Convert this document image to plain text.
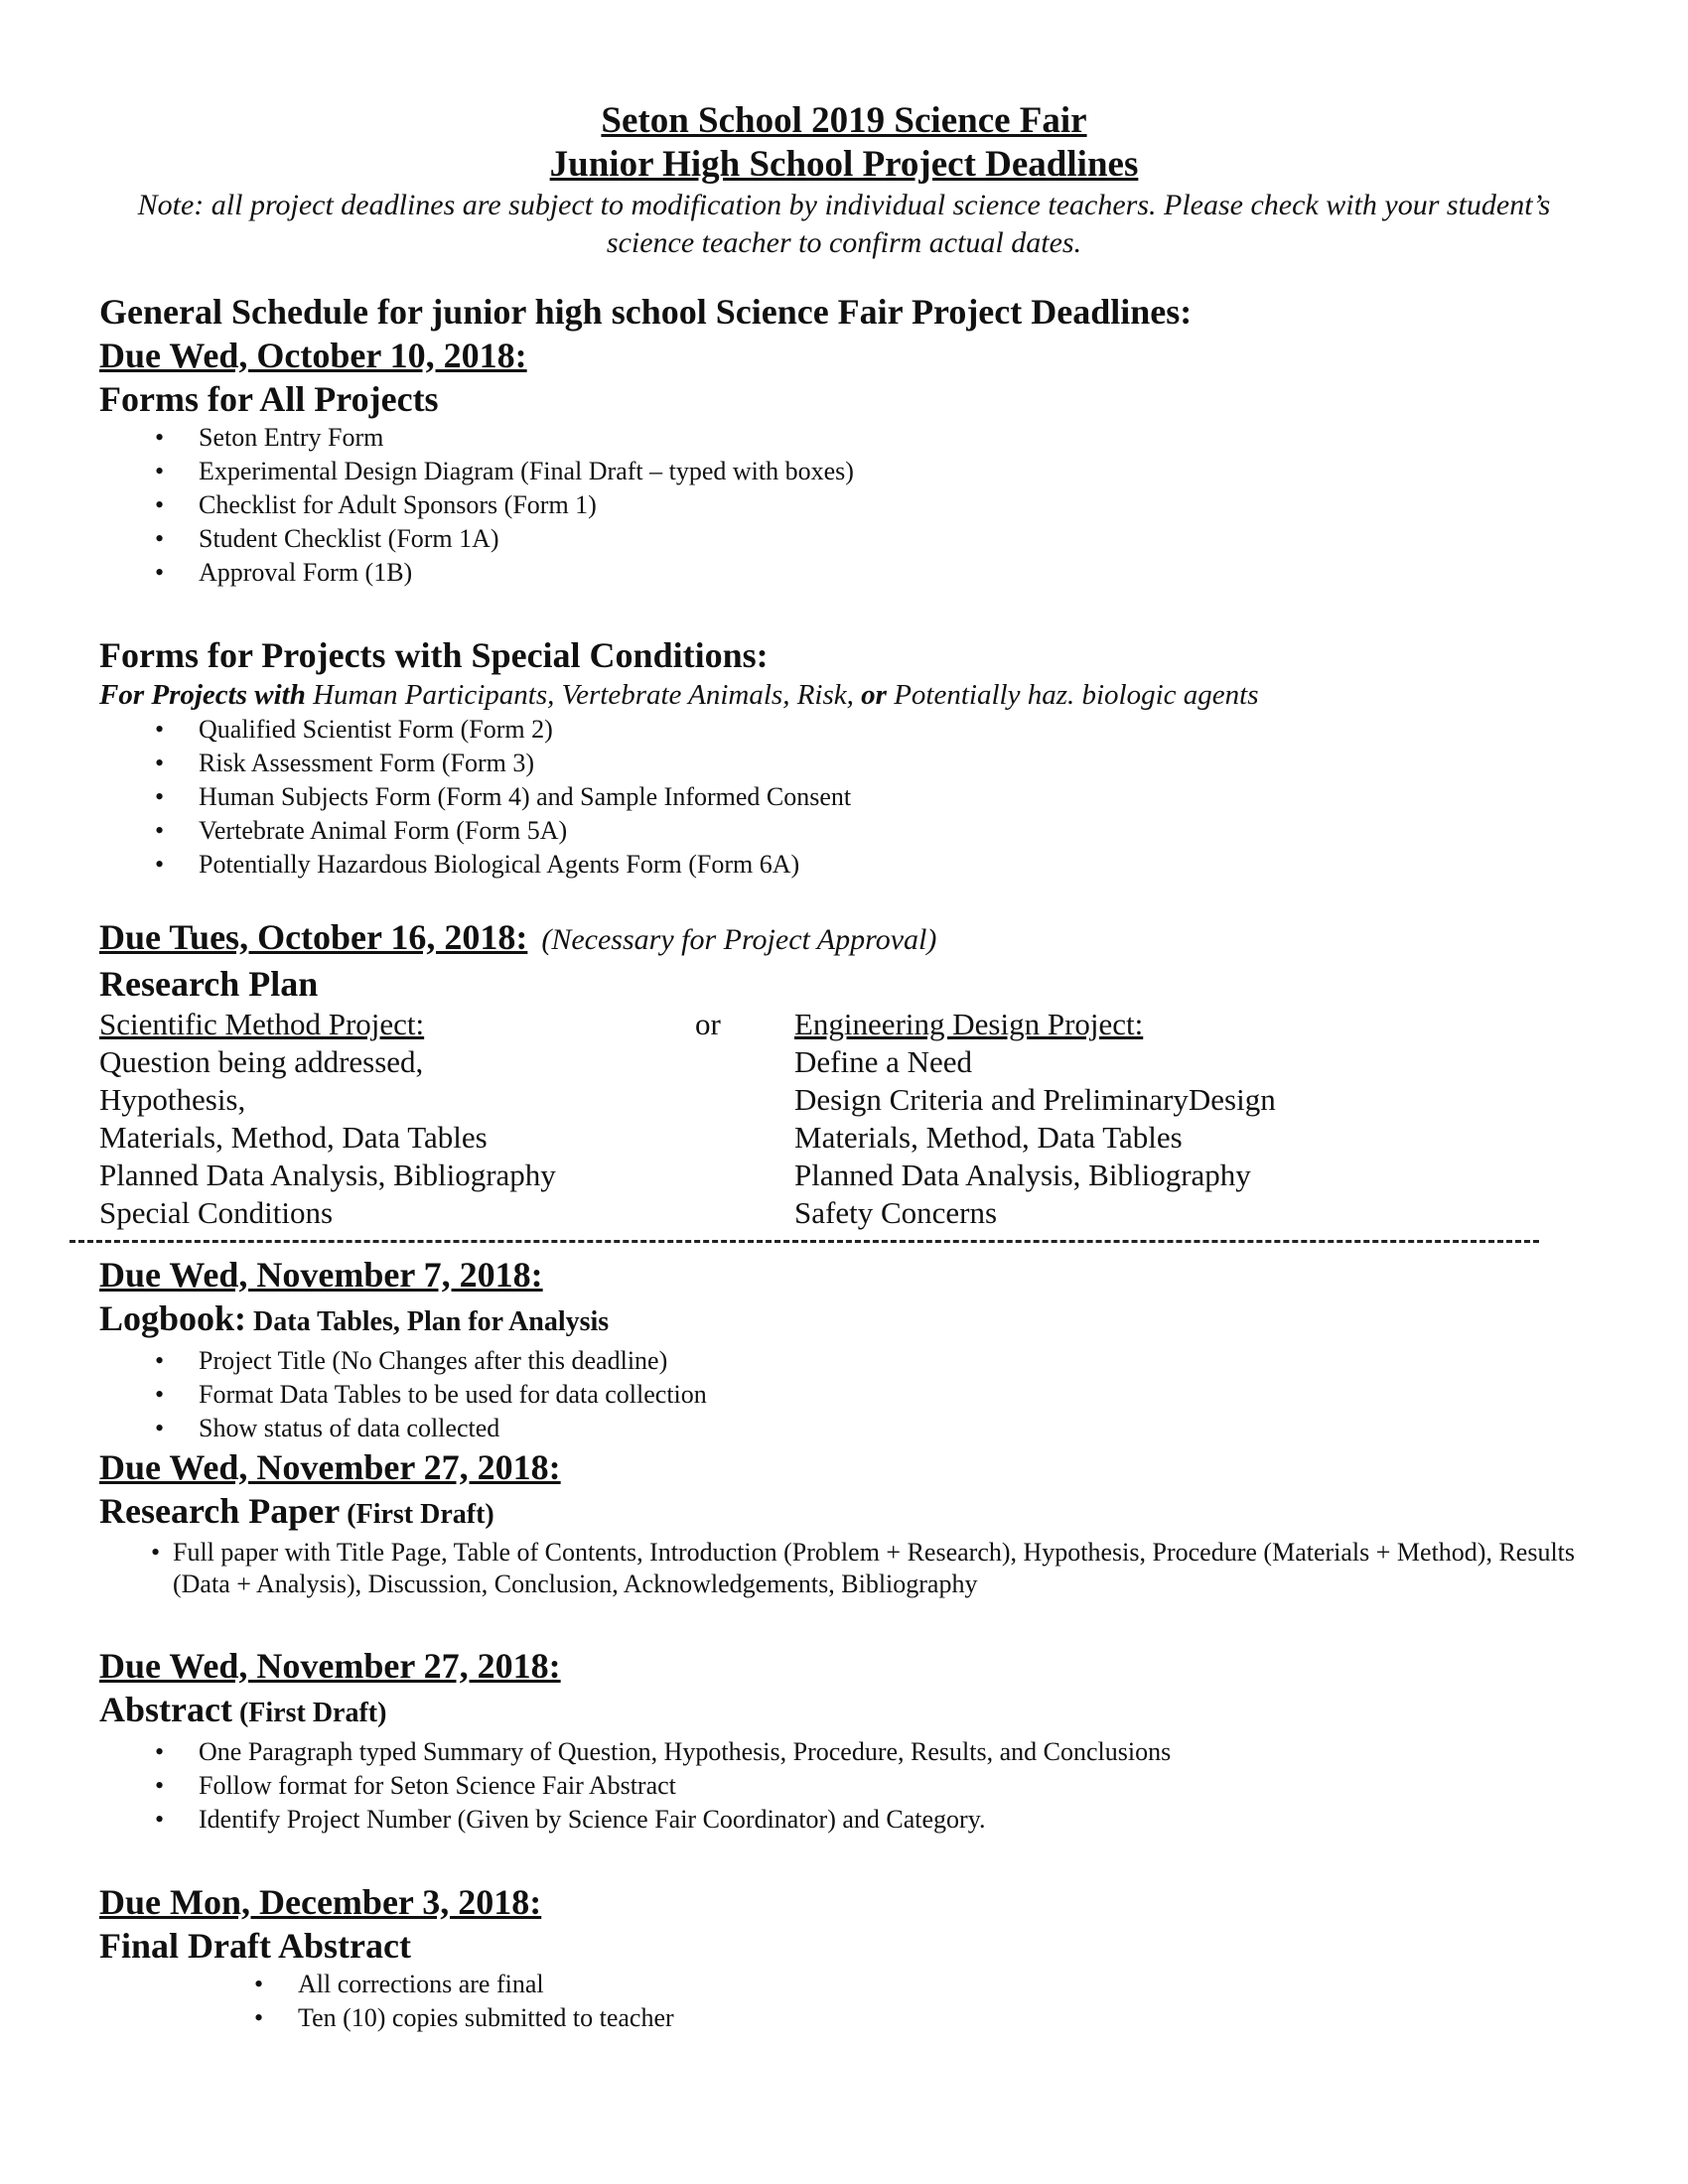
Seton School 2019 Science Fair

Junior High School Project Deadlines

Note: all project deadlines are subject to modification by individual science teachers. Please check with your student’s science teacher to confirm actual dates.

General Schedule for junior high school Science Fair Project Deadlines:
Due Wed, October 10, 2018:
Forms for All Projects
• Seton Entry Form
• Experimental Design Diagram (Final Draft – typed with boxes)
• Checklist for Adult Sponsors (Form 1)
• Student Checklist (Form 1A)
• Approval Form (1B)
Forms for Projects with Special Conditions:
For Projects with Human Participants, Vertebrate Animals, Risk, or Potentially haz. biologic agents
• Qualified Scientist Form (Form 2)
• Risk Assessment Form (Form 3)
• Human Subjects Form (Form 4) and Sample Informed Consent
• Vertebrate Animal Form (Form 5A)
• Potentially Hazardous Biological Agents Form (Form 6A)
Due Tues, October 16, 2018: (Necessary for Project Approval)
Research Plan
Scientific Method Project:
Question being addressed,
Hypothesis,
Materials, Method, Data Tables
Planned Data Analysis, Bibliography
Special Conditions
or Engineering Design Project:
Define a Need
Design Criteria and PreliminaryDesign
Materials, Method, Data Tables
Planned Data Analysis, Bibliography
Safety Concerns
Due Wed, November 7, 2018:
Logbook: Data Tables, Plan for Analysis
• Project Title (No Changes after this deadline)
• Format Data Tables to be used for data collection
• Show status of data collected
Due Wed, November 27, 2018:
Research Paper (First Draft)
• Full paper with Title Page, Table of Contents, Introduction (Problem + Research), Hypothesis, Procedure (Materials + Method), Results (Data + Analysis), Discussion, Conclusion, Acknowledgements, Bibliography
Due Wed, November 27, 2018:
Abstract (First Draft)
• One Paragraph typed Summary of Question, Hypothesis, Procedure, Results, and Conclusions
• Follow format for Seton Science Fair Abstract
• Identify Project Number (Given by Science Fair Coordinator) and Category.
Due Mon, December 3, 2018:
Final Draft Abstract
• All corrections are final
• Ten (10) copies submitted to teacher
